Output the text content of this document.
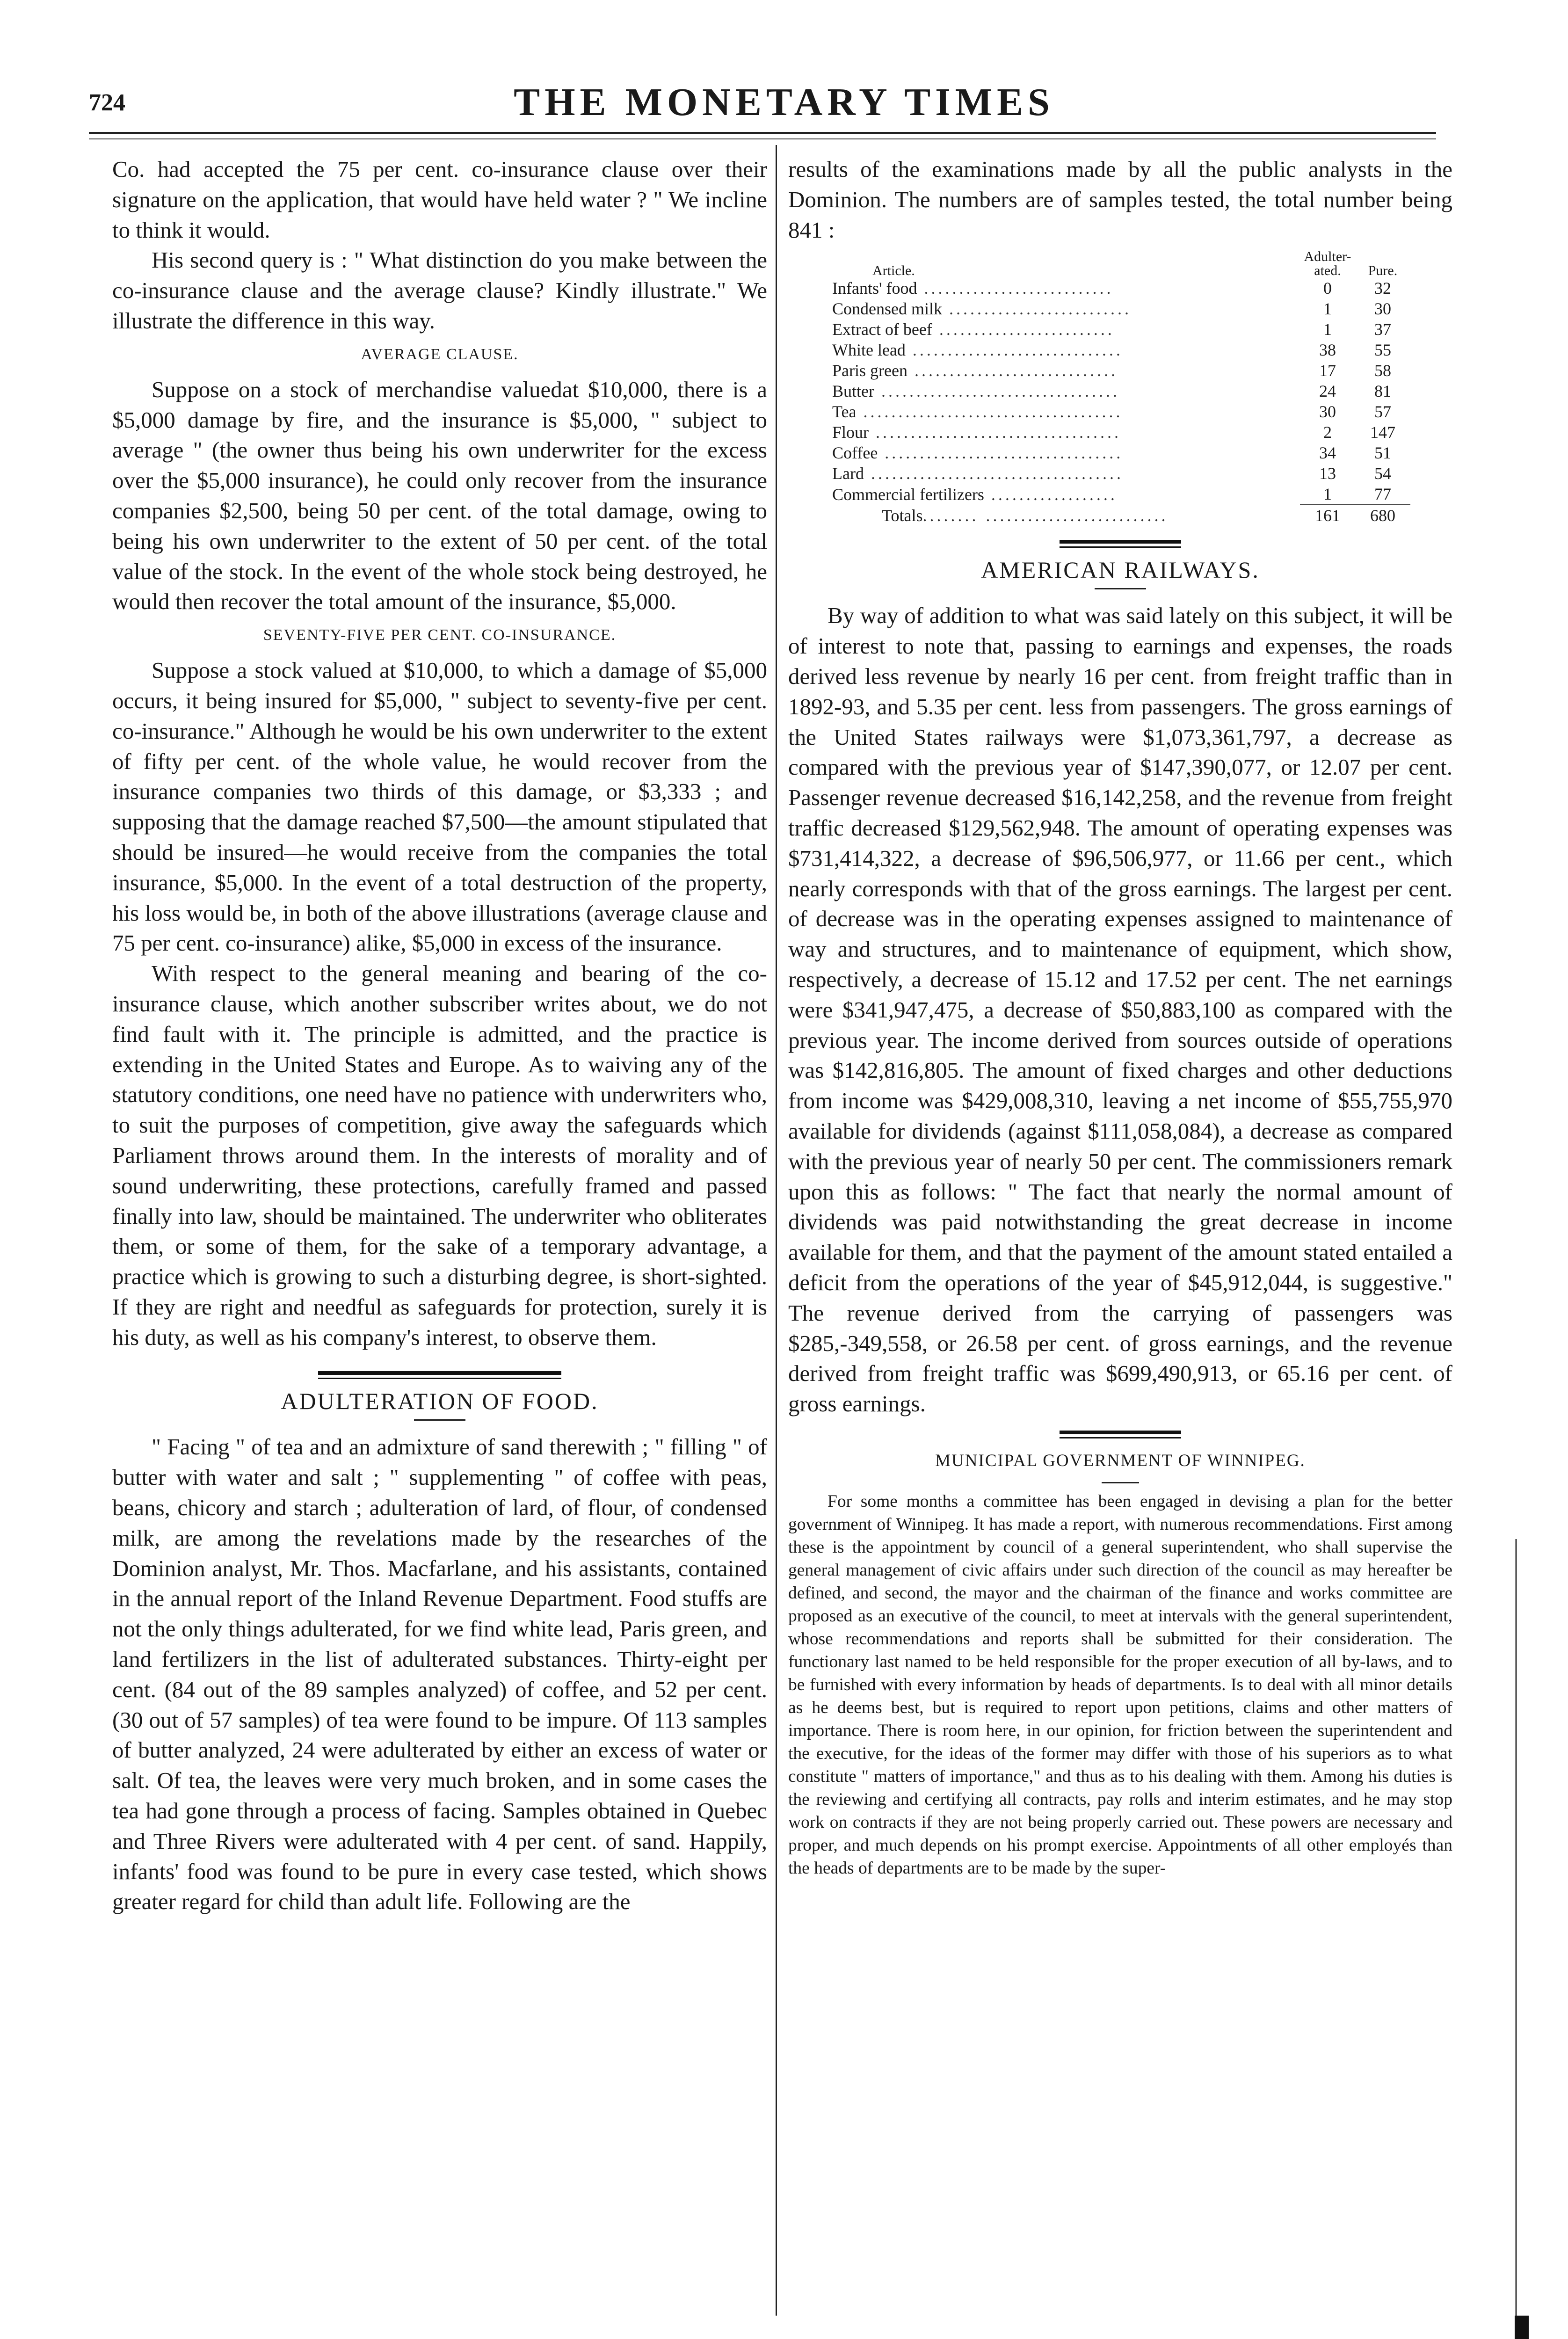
724	THE MONETARY TIMES

Co. had accepted the 75 per cent. co-insurance clause over their signature on the application, that would have held water ? " We incline to think it would.

His second query is : " What distinction do you make between the co-insurance clause and the average clause? Kindly illustrate." We illustrate the difference in this way.

AVERAGE CLAUSE.

Suppose on a stock of merchandise valuedat $10,000, there is a $5,000 damage by fire, and the insurance is $5,000, " subject to average " (the owner thus being his own underwriter for the excess over the $5,000 insurance), he could only recover from the insurance companies $2,500, being 50 per cent. of the total damage, owing to being his own underwriter to the extent of 50 per cent. of the total value of the stock. In the event of the whole stock being destroyed, he would then recover the total amount of the insurance, $5,000.

SEVENTY-FIVE PER CENT. CO-INSURANCE.

Suppose a stock valued at $10,000, to which a damage of $5,000 occurs, it being insured for $5,000, " subject to seventy-five per cent. co-insurance." Although he would be his own underwriter to the extent of fifty per cent. of the whole value, he would recover from the insurance companies two thirds of this damage, or $3,333 ; and supposing that the damage reached $7,500—the amount stipulated that should be insured—he would receive from the companies the total insurance, $5,000. In the event of a total destruction of the property, his loss would be, in both of the above illustrations (average clause and 75 per cent. co-insurance) alike, $5,000 in excess of the insurance.

With respect to the general meaning and bearing of the co-insurance clause, which another subscriber writes about, we do not find fault with it. The principle is admitted, and the practice is extending in the United States and Europe. As to waiving any of the statutory conditions, one need have no patience with underwriters who, to suit the purposes of competition, give away the safeguards which Parliament throws around them. In the interests of morality and of sound underwriting, these protections, carefully framed and passed finally into law, should be maintained. The underwriter who obliterates them, or some of them, for the sake of a temporary advantage, a practice which is growing to such a disturbing degree, is short-sighted. If they are right and needful as safeguards for protection, surely it is his duty, as well as his company's interest, to observe them.

ADULTERATION OF FOOD.

" Facing " of tea and an admixture of sand therewith ; " filling " of butter with water and salt ; " supplementing " of coffee with peas, beans, chicory and starch ; adulteration of lard, of flour, of condensed milk, are among the revelations made by the researches of the Dominion analyst, Mr. Thos. Macfarlane, and his assistants, contained in the annual report of the Inland Revenue Department. Food stuffs are not the only things adulterated, for we find white lead, Paris green, and land fertilizers in the list of adulterated substances. Thirty-eight per cent. (84 out of the 89 samples analyzed) of coffee, and 52 per cent. (30 out of 57 samples) of tea were found to be impure. Of 113 samples of butter analyzed, 24 were adulterated by either an excess of water or salt. Of tea, the leaves were very much broken, and in some cases the tea had gone through a process of facing. Samples obtained in Quebec and Three Rivers were adulterated with 4 per cent. of sand. Happily, infants' food was found to be pure in every case tested, which shows greater regard for child than adult life. Following are the

results of the examinations made by all the public analysts in the Dominion. The numbers are of samples tested, the total number being 841 :

Article.	Adulter-ated.	Pure.
Infants' food ...........................	0	32
Condensed milk ..........................	1	30
Extract of beef .........................	1	37
White lead ..............................	38	55
Paris green .............................	17	58
Butter ..................................	24	81
Tea .....................................	30	57
Flour ...................................	2	147
Coffee ..................................	34	51
Lard ....................................	13	54
Commercial fertilizers ..................	1	77
Totals........ ..........................	161	680
AMERICAN RAILWAYS.

By way of addition to what was said lately on this subject, it will be of interest to note that, passing to earnings and expenses, the roads derived less revenue by nearly 16 per cent. from freight traffic than in 1892-93, and 5.35 per cent. less from passengers. The gross earnings of the United States railways were $1,073,361,797, a decrease as compared with the previous year of $147,390,077, or 12.07 per cent. Passenger revenue decreased $16,142,258, and the revenue from freight traffic decreased $129,562,948. The amount of operating expenses was $731,414,322, a decrease of $96,506,977, or 11.66 per cent., which nearly corresponds with that of the gross earnings. The largest per cent. of decrease was in the operating expenses assigned to maintenance of way and structures, and to maintenance of equipment, which show, respectively, a decrease of 15.12 and 17.52 per cent. The net earnings were $341,947,475, a decrease of $50,883,100 as compared with the previous year. The income derived from sources outside of operations was $142,816,805. The amount of fixed charges and other deductions from income was $429,008,310, leaving a net income of $55,755,970 available for dividends (against $111,058,084), a decrease as compared with the previous year of nearly 50 per cent. The commissioners remark upon this as follows: " The fact that nearly the normal amount of dividends was paid notwithstanding the great decrease in income available for them, and that the payment of the amount stated entailed a deficit from the operations of the year of $45,912,044, is suggestive." The revenue derived from the carrying of passengers was $285,-349,558, or 26.58 per cent. of gross earnings, and the revenue derived from freight traffic was $699,490,913, or 65.16 per cent. of gross earnings.

MUNICIPAL GOVERNMENT OF WINNIPEG.

For some months a committee has been engaged in devising a plan for the better government of Winnipeg. It has made a report, with numerous recommendations. First among these is the appointment by council of a general superintendent, who shall supervise the general management of civic affairs under such direction of the council as may hereafter be defined, and second, the mayor and the chairman of the finance and works committee are proposed as an executive of the council, to meet at intervals with the general superintendent, whose recommendations and reports shall be submitted for their consideration. The functionary last named to be held responsible for the proper execution of all by-laws, and to be furnished with every information by heads of departments. Is to deal with all minor details as he deems best, but is required to report upon petitions, claims and other matters of importance. There is room here, in our opinion, for friction between the superintendent and the executive, for the ideas of the former may differ with those of his superiors as to what constitute " matters of importance," and thus as to his dealing with them. Among his duties is the reviewing and certifying all contracts, pay rolls and interim estimates, and he may stop work on contracts if they are not being properly carried out. These powers are necessary and proper, and much depends on his prompt exercise. Appointments of all other employés than the heads of departments are to be made by the super-
